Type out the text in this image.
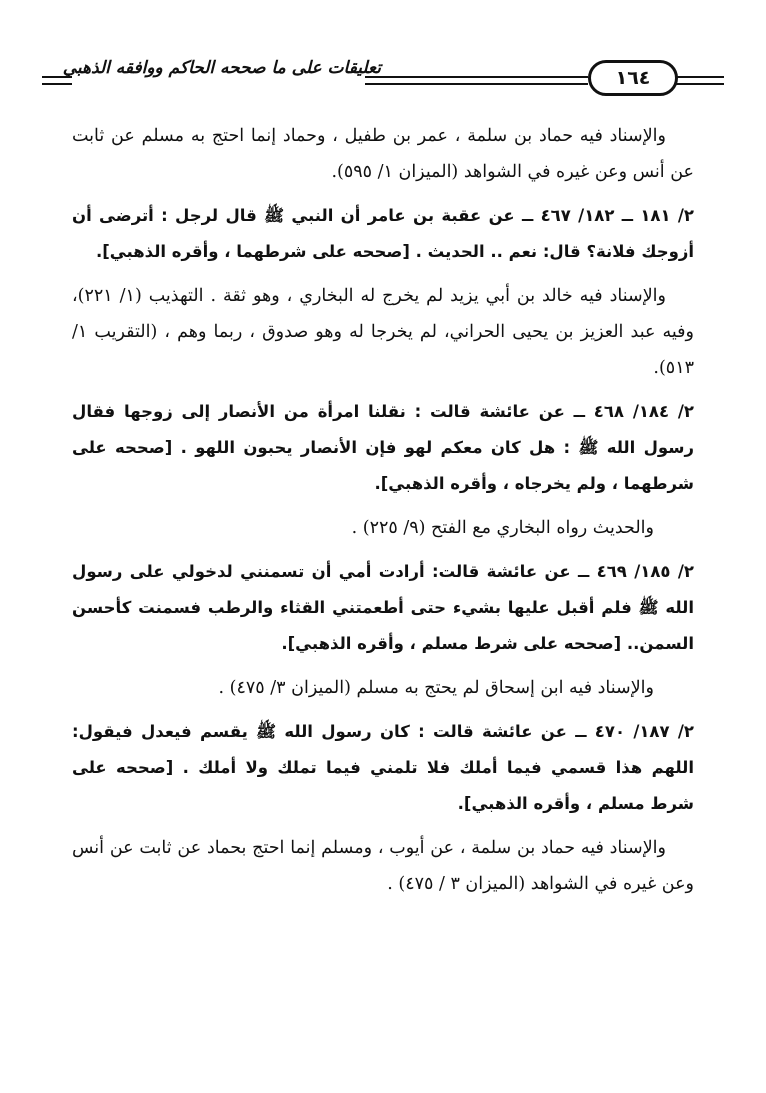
تعليقات على ما صححه الحاكم ووافقه الذهبي	١٦٤

والإسناد فيه حماد بن سلمة ، عمر بن طفيل ، وحماد إنما احتج به مسلم عن ثابت عن أنس وعن غيره في الشواهد (الميزان ١/ ٥٩٥).

٢/ ١٨١ ــ ١٨٢/ ٤٦٧ ــ عن عقبة بن عامر أن النبي ﷺ قال لرجل : أترضى أن أزوجك فلانة؟ قال: نعم .. الحديث . [صححه على شرطهما ، وأقره الذهبي].

والإسناد فيه خالد بن أبي يزيد لم يخرج له البخاري ، وهو ثقة . التهذيب (١/ ٢٢١)، وفيه عبد العزيز بن يحيى الحراني، لم يخرجا له وهو صدوق ، ربما وهم ، (التقريب ١/ ٥١٣).

٢/ ١٨٤/ ٤٦٨ ــ عن عائشة قالت : نقلنا امرأة من الأنصار إلى زوجها فقال رسول الله ﷺ : هل كان معكم لهو فإن الأنصار يحبون اللهو . [صححه على شرطهما ، ولم يخرجاه ، وأقره الذهبي].

والحديث رواه البخاري مع الفتح (٩/ ٢٢٥) .

٢/ ١٨٥/ ٤٦٩ ــ عن عائشة قالت: أرادت أمي أن تسمنني لدخولي على رسول الله ﷺ فلم أقبل عليها بشيء حتى أطعمتني القثاء والرطب فسمنت كأحسن السمن.. [صححه على شرط مسلم ، وأقره الذهبي].

والإسناد فيه ابن إسحاق لم يحتج به مسلم (الميزان ٣/ ٤٧٥) .

٢/ ١٨٧/ ٤٧٠ ــ عن عائشة قالت : كان رسول الله ﷺ يقسم فيعدل فيقول: اللهم هذا قسمي فيما أملك فلا تلمني فيما تملك ولا أملك . [صححه على شرط مسلم ، وأقره الذهبي].

والإسناد فيه حماد بن سلمة ، عن أيوب ، ومسلم إنما احتج بحماد عن ثابت عن أنس وعن غيره في الشواهد (الميزان ٣ / ٤٧٥) .
